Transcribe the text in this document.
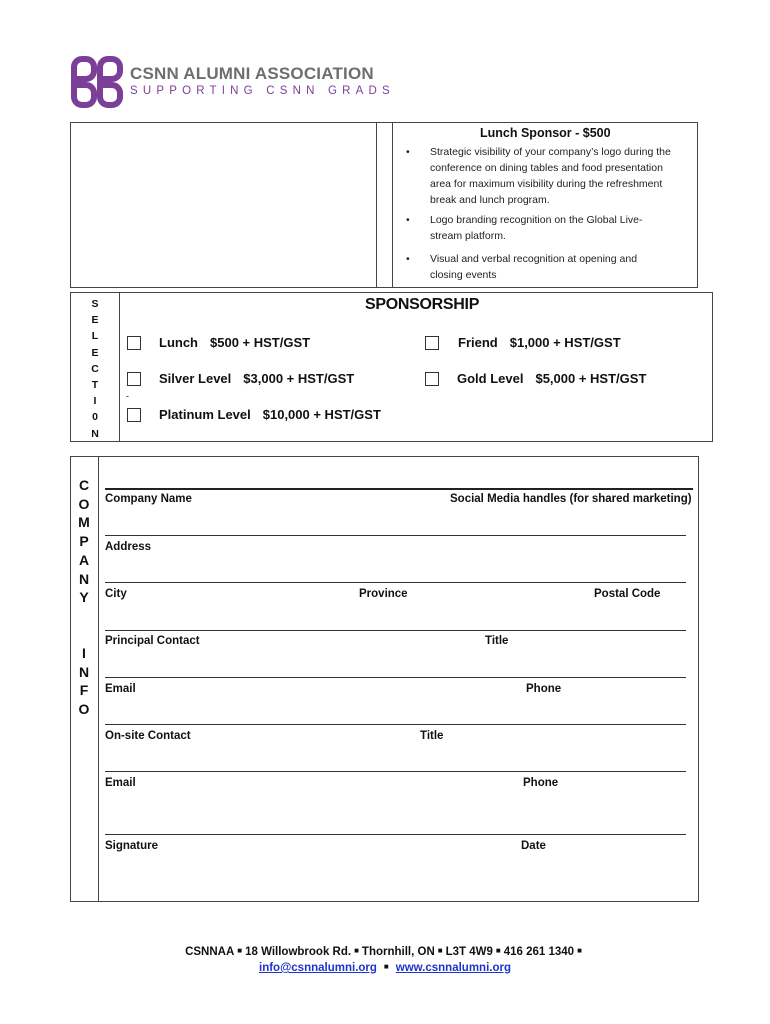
CSNN ALUMNI ASSOCIATION
SUPPORTING CSNN GRADS
Lunch Sponsor - $500
• Strategic visibility of your company’s logo during the conference on dining tables and food presentation area for maximum visibility during the refreshment break and lunch program.
• Logo branding recognition on the Global Live-stream platform.
• Visual and verbal recognition at opening and closing events
S
E
L
E
C
T
I
0
N
SPONSORSHIP
Lunch $500 + HST/GST	Friend $1,000 + HST/GST
Silver Level $3,000 + HST/GST	Gold Level $5,000 + HST/GST
-
Platinum Level $10,000 + HST/GST
C
O
M
P
A
N
Y
I
N
F
O
Company Name	Social Media handles (for shared marketing)
Address
City	Province	Postal Code
Principal Contact	Title
Email	Phone
On-site Contact	Title
Email	Phone
Signature	Date
CSNNAA ■ 18 Willowbrook Rd. ■ Thornhill, ON ■ L3T 4W9 ■ 416 261 1340 ■
info@csnnalumni.org ■ www.csnnalumni.org
